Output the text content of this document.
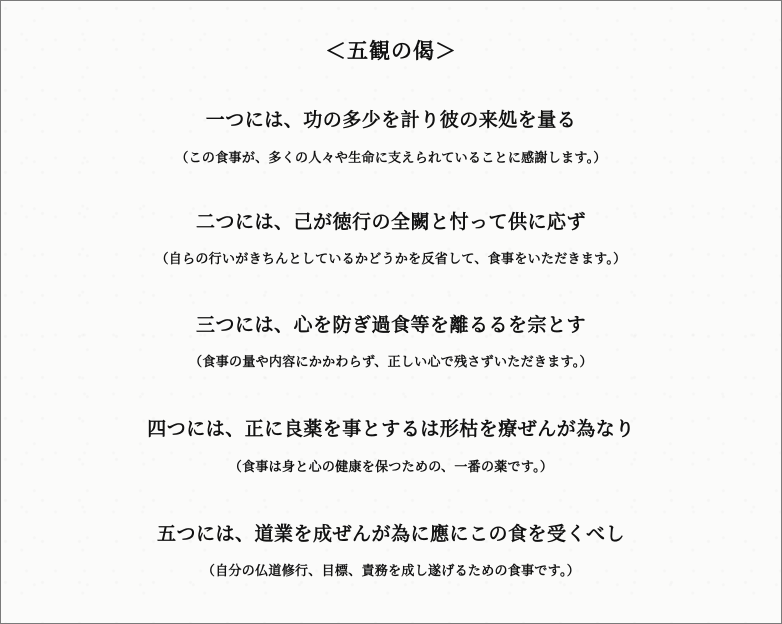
＜五観の偈＞
一つには、功の多少を計り彼の来処を量る
（この食事が、多くの人々や生命に支えられていることに感謝します。）
二つには、己が徳行の全闕と忖って供に応ず
（自らの行いがきちんとしているかどうかを反省して、食事をいただきます。）
三つには、心を防ぎ過食等を離るるを宗とす
（食事の量や内容にかかわらず、正しい心で残さずいただきます。）
四つには、正に良薬を事とするは形枯を療ぜんが為なり
（食事は身と心の健康を保つための、一番の薬です。）
五つには、道業を成ぜんが為に應にこの食を受くべし
（自分の仏道修行、目標、責務を成し遂げるための食事です。）
